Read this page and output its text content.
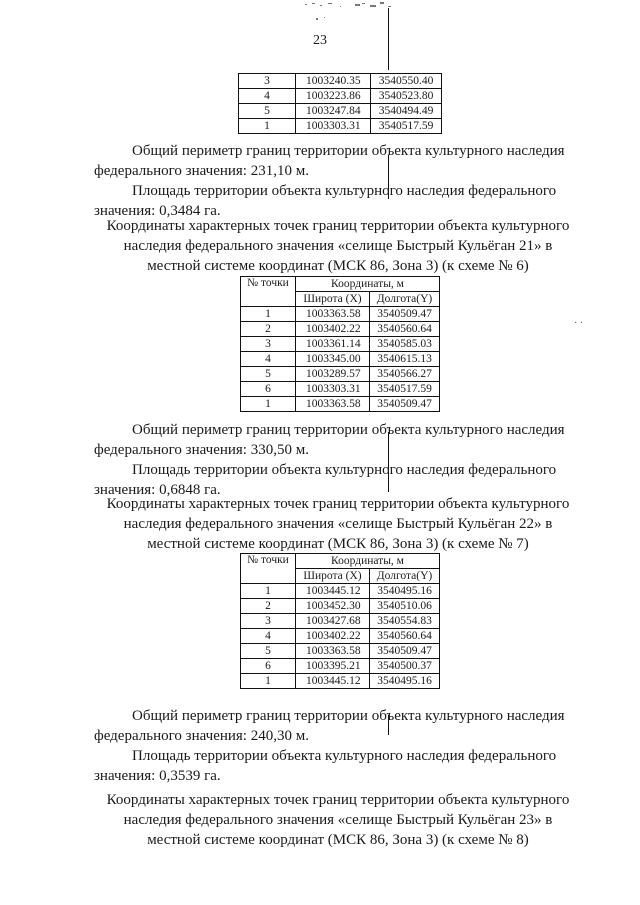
· ·
23
3	1003240.35	3540550.40
4	1003223.86	3540523.80
5	1003247.84	3540494.49
1	1003303.31	3540517.59

Общий периметр границ территории объекта культурного наследия
федерального значения: 231,10 м.

Площадь территории объекта культурного наследия федерального
значения: 0,3484 га.

Координаты характерных точек границ территории объекта культурного
наследия федерального значения «селище Быстрый Кульёган 21» в
местной системе координат (МСК 86, Зона 3) (к схеме № 6)
№ точки	Координаты, м	
	Широта (X)	Долгота(Y)
1	1003363.58	3540509.47
2	1003402.22	3540560.64
3	1003361.14	3540585.03
4	1003345.00	3540615.13
5	1003289.57	3540566.27
6	1003303.31	3540517.59
1	1003363.58	3540509.47

Общий периметр границ территории объекта культурного наследия
федерального значения: 330,50 м.

Площадь территории объекта культурного наследия федерального
значения: 0,6848 га.

Координаты характерных точек границ территории объекта культурного
наследия федерального значения «селище Быстрый Кульёган 22» в
местной системе координат (МСК 86, Зона 3) (к схеме № 7)
№ точки	Координаты, м	
	Широта (X)	Долгота(Y)
1	1003445.12	3540495.16
2	1003452.30	3540510.06
3	1003427.68	3540554.83
4	1003402.22	3540560.64
5	1003363.58	3540509.47
6	1003395.21	3540500.37
1	1003445.12	3540495.16

Общий периметр границ территории объекта культурного наследия
федерального значения: 240,30 м.

Площадь территории объекта культурного наследия федерального
значения: 0,3539 га.

Координаты характерных точек границ территории объекта культурного
наследия федерального значения «селище Быстрый Кульёган 23» в
местной системе координат (МСК 86, Зона 3) (к схеме № 8)
